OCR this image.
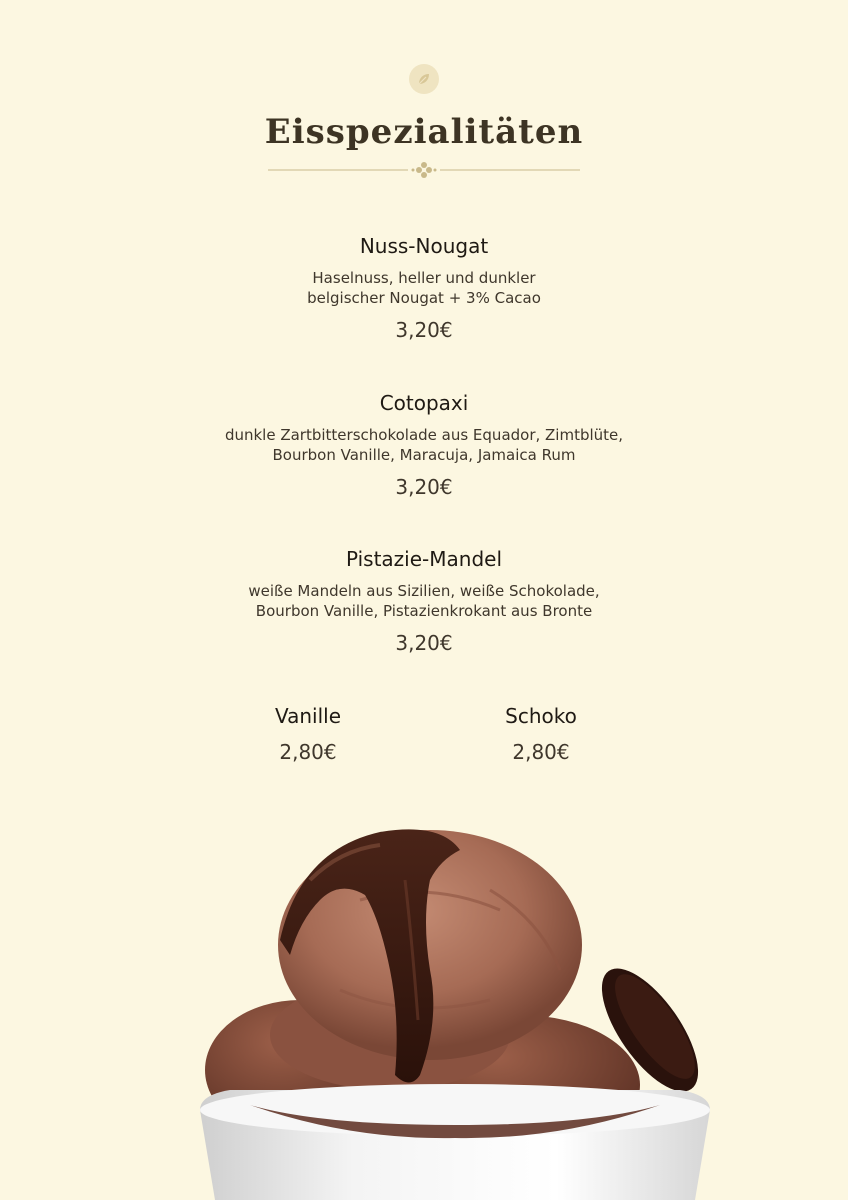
Eisspezialitäten
Nuss-Nougat
Haselnuss, heller und dunkler
belgischer Nougat + 3% Cacao
3,20€
Cotopaxi
dunkle Zartbitterschokolade aus Equador, Zimtblüte,
Bourbon Vanille, Maracuja, Jamaica Rum
3,20€
Pistazie-Mandel
weiße Mandeln aus Sizilien, weiße Schokolade,
Bourbon Vanille, Pistazienkrokant aus Bronte
3,20€
Vanille
2,80€
Schoko
2,80€
